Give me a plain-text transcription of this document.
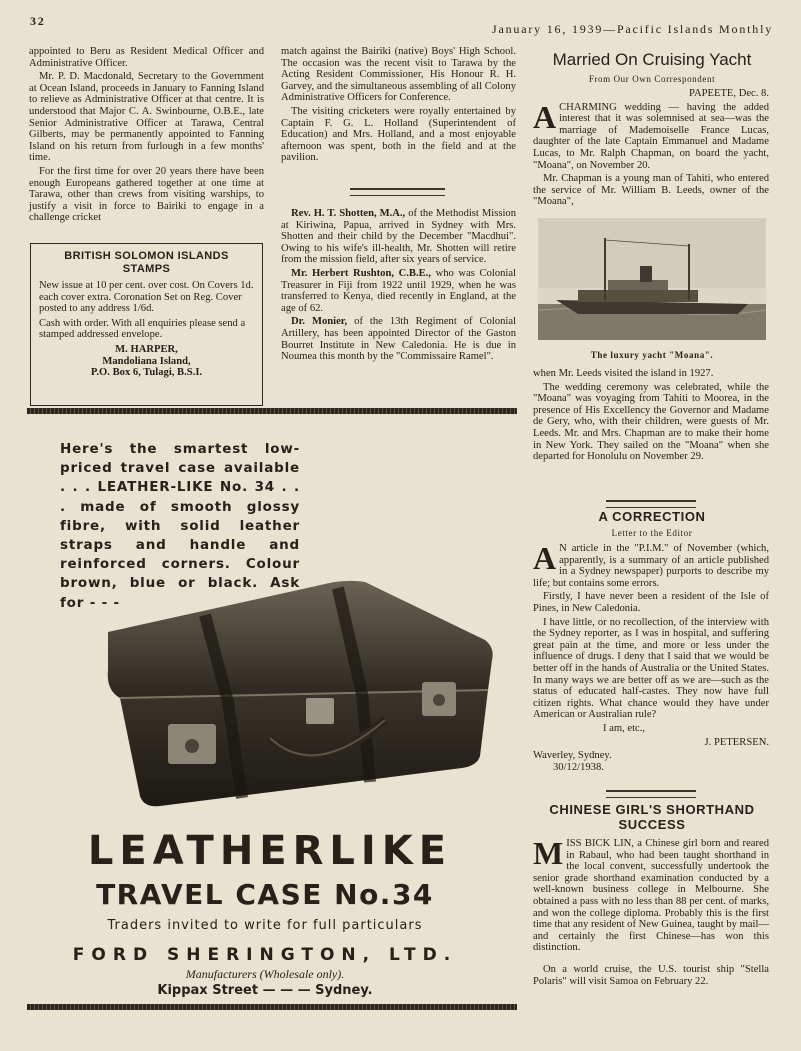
32
January 16, 1939—Pacific Islands Monthly

appointed to Beru as Resident Medical Officer and Administrative Officer.

Mr. P. D. Macdonald, Secretary to the Government at Ocean Island, proceeds in January to Fanning Island to relieve as Administrative Officer at that centre. It is understood that Major C. A. Swinbourne, O.B.E., late Senior Administrative Officer at Tarawa, Central Gilberts, may be permanently appointed to Fanning Island on his return from furlough in a few months' time.

For the first time for over 20 years there have been enough Europeans gathered together at one time at Tarawa, other than crews from visiting warships, to justify a visit in force to Bairiki to engage in a challenge cricket

BRITISH SOLOMON ISLANDS STAMPS

New issue at 10 per cent. over cost. On Covers 1d. each cover extra. Coronation Set on Reg. Cover posted to any address 1/6d.

Cash with order. With all enquiries please send a stamped addressed envelope.

M. HARPER,

Mandoliana Island,

P.O. Box 6, Tulagi, B.S.I.

match against the Bairiki (native) Boys' High School. The occasion was the recent visit to Tarawa by the Acting Resident Commissioner, His Honour R. H. Garvey, and the simultaneous assembling of all Colony Administrative Officers for Conference.

The visiting cricketers were royally entertained by Captain F. G. L. Holland (Superintendent of Education) and Mrs. Holland, and a most enjoyable afternoon was spent, both in the field and at the pavilion.

Rev. H. T. Shotten, M.A., of the Methodist Mission at Kiriwina, Papua, arrived in Sydney with Mrs. Shotten and their child by the December "Macdhui". Owing to his wife's ill-health, Mr. Shotten will retire from the mission field, after six years of service.

Mr. Herbert Rushton, C.B.E., who was Colonial Treasurer in Fiji from 1922 until 1929, when he was transferred to Kenya, died recently in England, at the age of 62.

Dr. Monier, of the 13th Regiment of Colonial Artillery, has been appointed Director of the Gaston Bourret Institute in New Caledonia. He is due in Noumea this month by the "Commissaire Ramel".

Here's the smartest low-priced travel case available . . . LEATHER-LIKE No. 34 . . . made of smooth glossy fibre, with solid leather straps and handle and reinforced corners. Colour brown, blue or black. Ask for - - -
LEATHERLIKE
TRAVEL CASE No.34
Traders invited to write for full particulars
FORD SHERINGTON, LTD.
Manufacturers (Wholesale only).
Kippax Street — — — Sydney.
Married On Cruising Yacht
From Our Own Correspondent

PAPEETE, Dec. 8.

A CHARMING wedding — having the added interest that it was solemnised at sea—was the marriage of Mademoiselle France Lucas, daughter of the late Captain Emmanuel and Madame Lucas, to Mr. Ralph Chapman, on board the yacht, "Moana", on November 20.

Mr. Chapman is a young man of Tahiti, who entered the service of Mr. William B. Leeds, owner of the "Moana",

The luxury yacht "Moana".

when Mr. Leeds visited the island in 1927.

The wedding ceremony was celebrated, while the "Moana" was voyaging from Tahiti to Moorea, in the presence of His Excellency the Governor and Madame de Gery, who, with their children, were guests of Mr. Leeds. Mr. and Mrs. Chapman are to make their home in New York. They sailed on the "Moana" when she departed for Honolulu on November 29.

A CORRECTION
Letter to the Editor

A N article in the "P.I.M." of November (which, apparently, is a summary of an article published in a Sydney newspaper) purports to describe my life; but contains some errors.

Firstly, I have never been a resident of the Isle of Pines, in New Caledonia.

I have little, or no recollection, of the interview with the Sydney reporter, as I was in hospital, and suffering great pain at the time, and more or less under the influence of drugs. I deny that I said that we would be better off in the hands of Australia or the United States. In many ways we are better off as we are—such as the status of educated half-castes. They now have full citizen rights. What chance would they have under American or Australian rule?

I am, etc.,

J. PETERSEN.

Waverley, Sydney.

30/12/1938.

CHINESE GIRL'S SHORTHAND SUCCESS

MISS BICK LIN, a Chinese girl born and reared in Rabaul, who had been taught shorthand in the local convent, successfully undertook the senior grade shorthand examination conducted by a well-known business college in Melbourne. She obtained a pass with no less than 88 per cent. of marks, and won the college diploma. Probably this is the first time that any resident of New Guinea, taught by mail—and certainly the first Chinese—has won this distinction.

On a world cruise, the U.S. tourist ship "Stella Polaris" will visit Samoa on February 22.
